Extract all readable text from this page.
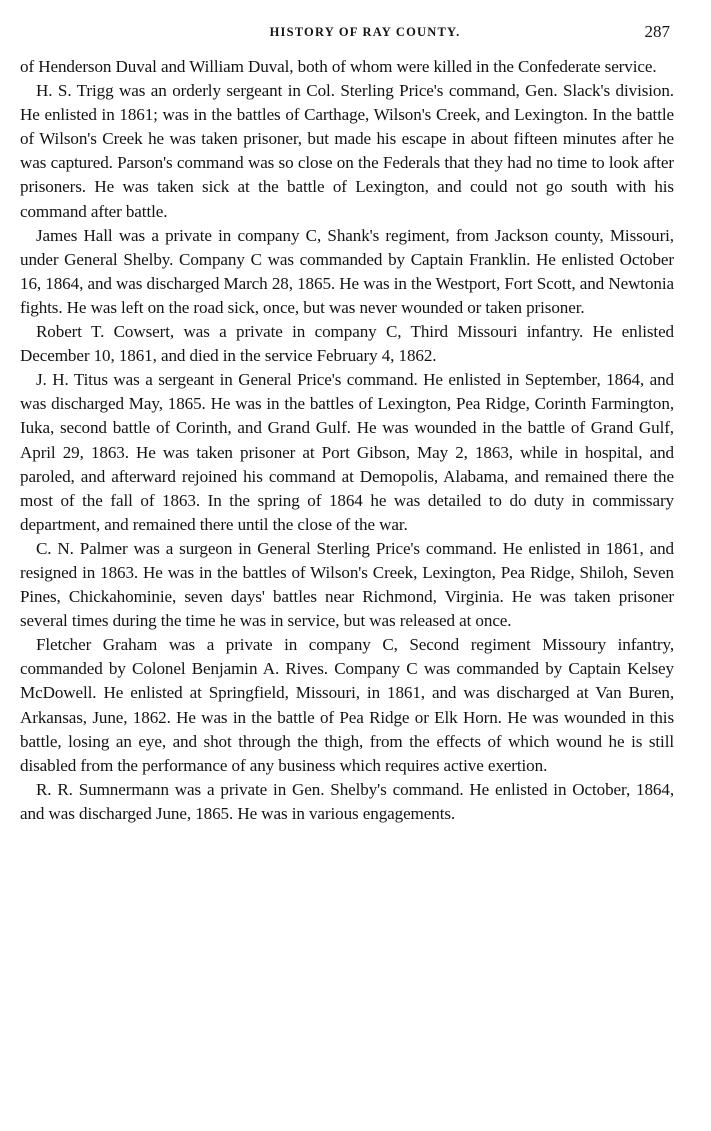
HISTORY OF RAY COUNTY.	287

of Henderson Duval and William Duval, both of whom were killed in the Confederate service.

H. S. Trigg was an orderly sergeant in Col. Sterling Price's command, Gen. Slack's division. He enlisted in 1861; was in the battles of Carthage, Wilson's Creek, and Lexington. In the battle of Wilson's Creek he was taken prisoner, but made his escape in about fifteen minutes after he was captured. Parson's command was so close on the Federals that they had no time to look after prisoners. He was taken sick at the battle of Lexington, and could not go south with his command after battle.

James Hall was a private in company C, Shank's regiment, from Jackson county, Missouri, under General Shelby. Company C was commanded by Captain Franklin. He enlisted October 16, 1864, and was discharged March 28, 1865. He was in the Westport, Fort Scott, and Newtonia fights. He was left on the road sick, once, but was never wounded or taken prisoner.

Robert T. Cowsert, was a private in company C, Third Missouri infantry. He enlisted December 10, 1861, and died in the service February 4, 1862.

J. H. Titus was a sergeant in General Price's command. He enlisted in September, 1864, and was discharged May, 1865. He was in the battles of Lexington, Pea Ridge, Corinth Farmington, Iuka, second battle of Corinth, and Grand Gulf. He was wounded in the battle of Grand Gulf, April 29, 1863. He was taken prisoner at Port Gibson, May 2, 1863, while in hospital, and paroled, and afterward rejoined his command at Demopolis, Alabama, and remained there the most of the fall of 1863. In the spring of 1864 he was detailed to do duty in commissary department, and remained there until the close of the war.

C. N. Palmer was a surgeon in General Sterling Price's command. He enlisted in 1861, and resigned in 1863. He was in the battles of Wilson's Creek, Lexington, Pea Ridge, Shiloh, Seven Pines, Chickahominie, seven days' battles near Richmond, Virginia. He was taken prisoner several times during the time he was in service, but was released at once.

Fletcher Graham was a private in company C, Second regiment Missoury infantry, commanded by Colonel Benjamin A. Rives. Company C was commanded by Captain Kelsey McDowell. He enlisted at Springfield, Missouri, in 1861, and was discharged at Van Buren, Arkansas, June, 1862. He was in the battle of Pea Ridge or Elk Horn. He was wounded in this battle, losing an eye, and shot through the thigh, from the effects of which wound he is still disabled from the performance of any business which requires active exertion.

R. R. Sumnermann was a private in Gen. Shelby's command. He enlisted in October, 1864, and was discharged June, 1865. He was in various engagements.
